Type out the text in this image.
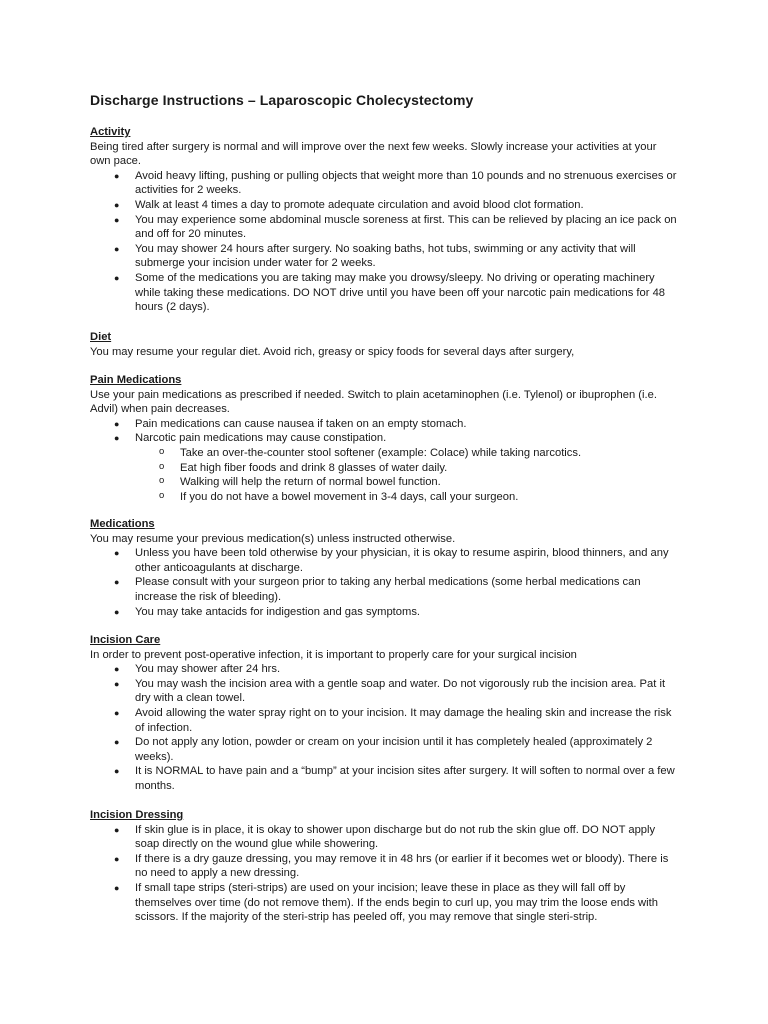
Discharge Instructions – Laparoscopic Cholecystectomy
Activity

Being tired after surgery is normal and will improve over the next few weeks. Slowly increase your activities at your own pace.

● Avoid heavy lifting, pushing or pulling objects that weight more than 10 pounds and no strenuous exercises or activities for 2 weeks.
● Walk at least 4 times a day to promote adequate circulation and avoid blood clot formation.
● You may experience some abdominal muscle soreness at first. This can be relieved by placing an ice pack on and off for 20 minutes.
● You may shower 24 hours after surgery. No soaking baths, hot tubs, swimming or any activity that will submerge your incision under water for 2 weeks.
● Some of the medications you are taking may make you drowsy/sleepy. No driving or operating machinery while taking these medications. DO NOT drive until you have been off your narcotic pain medications for 48 hours (2 days).
Diet

You may resume your regular diet. Avoid rich, greasy or spicy foods for several days after surgery,

Pain Medications

Use your pain medications as prescribed if needed. Switch to plain acetaminophen (i.e. Tylenol) or ibuprophen (i.e. Advil) when pain decreases.

● Pain medications can cause nausea if taken on an empty stomach.
● Narcotic pain medications may cause constipation.
o Take an over-the-counter stool softener (example: Colace) while taking narcotics.
o Eat high fiber foods and drink 8 glasses of water daily.
o Walking will help the return of normal bowel function.
o If you do not have a bowel movement in 3-4 days, call your surgeon.
Medications

You may resume your previous medication(s) unless instructed otherwise.

● Unless you have been told otherwise by your physician, it is okay to resume aspirin, blood thinners, and any other anticoagulants at discharge.
● Please consult with your surgeon prior to taking any herbal medications (some herbal medications can increase the risk of bleeding).
● You may take antacids for indigestion and gas symptoms.
Incision Care

In order to prevent post-operative infection, it is important to properly care for your surgical incision

● You may shower after 24 hrs.
● You may wash the incision area with a gentle soap and water. Do not vigorously rub the incision area. Pat it dry with a clean towel.
● Avoid allowing the water spray right on to your incision. It may damage the healing skin and increase the risk of infection.
● Do not apply any lotion, powder or cream on your incision until it has completely healed (approximately 2 weeks).
● It is NORMAL to have pain and a “bump” at your incision sites after surgery. It will soften to normal over a few months.
Incision Dressing
● If skin glue is in place, it is okay to shower upon discharge but do not rub the skin glue off. DO NOT apply soap directly on the wound glue while showering.
● If there is a dry gauze dressing, you may remove it in 48 hrs (or earlier if it becomes wet or bloody). There is no need to apply a new dressing.
● If small tape strips (steri-strips) are used on your incision; leave these in place as they will fall off by themselves over time (do not remove them). If the ends begin to curl up, you may trim the loose ends with scissors. If the majority of the steri-strip has peeled off, you may remove that single steri-strip.
